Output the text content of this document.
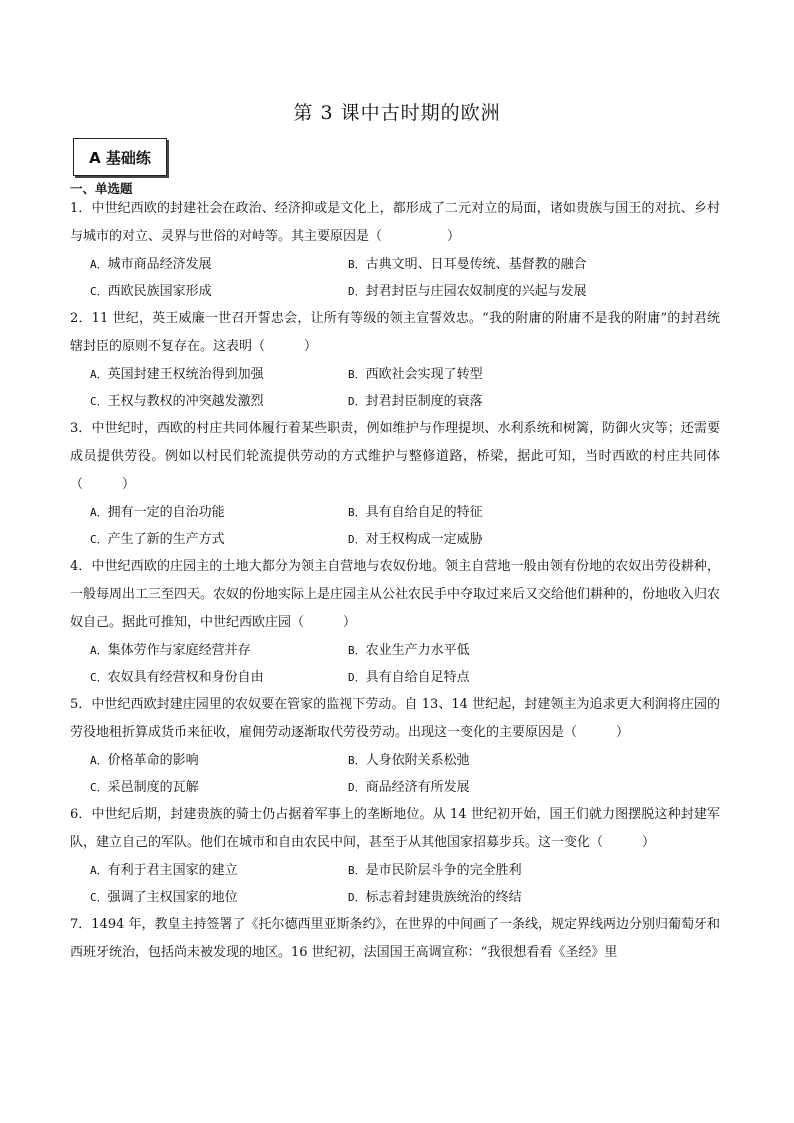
第 3 课中古时期的欧洲
A 基础练
一、单选题
1．中世纪西欧的封建社会在政治、经济抑或是文化上，都形成了二元对立的局面，诸如贵族与国王的对抗、乡村与城市的对立、灵界与世俗的对峙等。其主要原因是（　　　　　）
A．城市商品经济发展	B．古典文明、日耳曼传统、基督教的融合
C．西欧民族国家形成	D．封君封臣与庄园农奴制度的兴起与发展
2．11 世纪，英王威廉一世召开誓忠会，让所有等级的领主宣誓效忠。“我的附庸的附庸不是我的附庸”的封君统辖封臣的原则不复存在。这表明（　　　）
A．英国封建王权统治得到加强	B．西欧社会实现了转型
C．王权与教权的冲突越发激烈	D．封君封臣制度的衰落
3．中世纪时，西欧的村庄共同体履行着某些职责，例如维护与作理提坝、水利系统和树篱，防御火灾等；还需要成员提供劳役。例如以村民们轮流提供劳动的方式维护与整修道路，桥梁，据此可知，当时西欧的村庄共同体（　　　）
A．拥有一定的自治功能	B．具有自给自足的特征
C．产生了新的生产方式	D．对王权构成一定威胁
4．中世纪西欧的庄园主的土地大都分为领主自营地与农奴份地。领主自营地一般由领有份地的农奴出劳役耕种，一般每周出工三至四天。农奴的份地实际上是庄园主从公社农民手中夺取过来后又交给他们耕种的，份地收入归农奴自己。据此可推知，中世纪西欧庄园（　　　）
A．集体劳作与家庭经营并存	B．农业生产力水平低
C．农奴具有经营权和身份自由	D．具有自给自足特点
5．中世纪西欧封建庄园里的农奴要在管家的监视下劳动。自 13、14 世纪起，封建领主为追求更大利润将庄园的劳役地租折算成货币来征收，雇佣劳动逐渐取代劳役劳动。出现这一变化的主要原因是（　　　）
A．价格革命的影响	B．人身依附关系松弛
C．采邑制度的瓦解	D．商品经济有所发展
6．中世纪后期，封建贵族的骑士仍占据着军事上的垄断地位。从 14 世纪初开始，国王们就力图摆脱这种封建军队，建立自己的军队。他们在城市和自由农民中间，甚至于从其他国家招募步兵。这一变化（　　　）
A．有利于君主国家的建立	B．是市民阶层斗争的完全胜利
C．强调了主权国家的地位	D．标志着封建贵族统治的终结
7．1494 年，教皇主持签署了《托尔德西里亚斯条约》，在世界的中间画了一条线，规定界线两边分别归葡萄牙和西班牙统治，包括尚未被发现的地区。16 世纪初，法国国王高调宣称：“我很想看看《圣经》里
